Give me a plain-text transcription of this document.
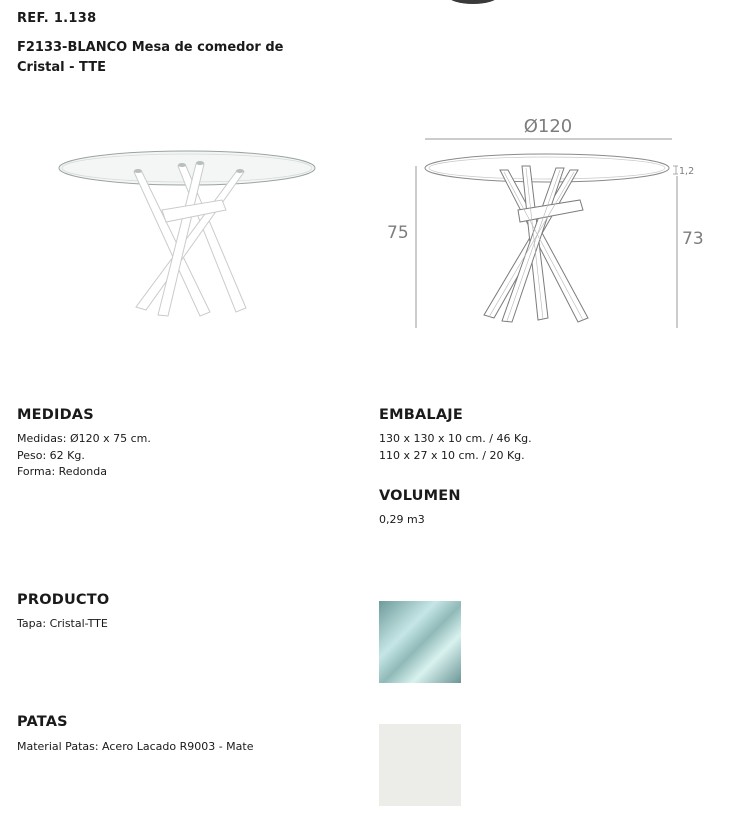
REF. 1.138
F2133-BLANCO Mesa de comedor de Cristal - TTE
Ø120
1,2
75	73
MEDIDAS
Medidas: Ø120 x 75 cm.
Peso: 62 Kg.
Forma: Redonda
EMBALAJE
130 x 130 x 10 cm. / 46 Kg.
110 x 27 x 10 cm. / 20 Kg.
VOLUMEN
0,29 m3
PRODUCTO
Tapa: Cristal-TTE
PATAS
Material Patas: Acero Lacado R9003 - Mate
